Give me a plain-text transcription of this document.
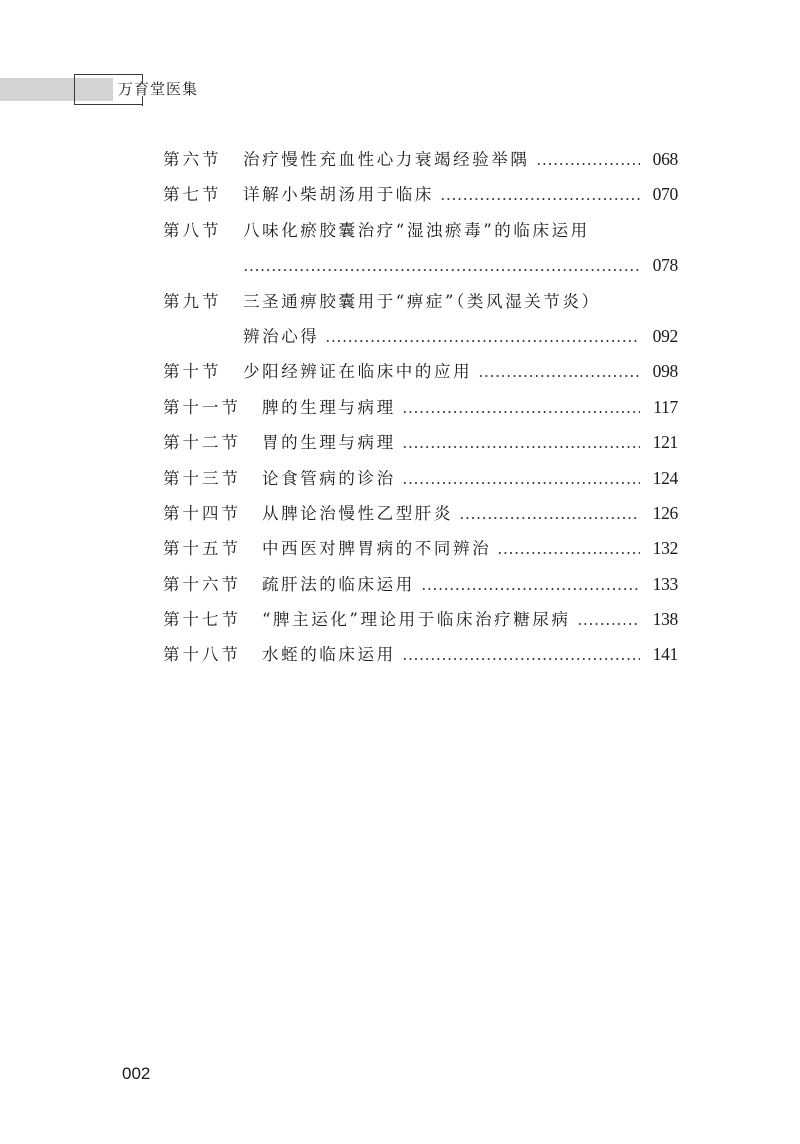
万育堂医集
第六节	治疗慢性充血性心力衰竭经验举隅	068
第七节	详解小柴胡汤用于临床	070
第八节	八味化瘀胶囊治疗“湿浊瘀毒”的临床运用
078
第九节	三圣通痹胶囊用于“痹症”（类风湿关节炎）
辨治心得	092
第十节	少阳经辨证在临床中的应用	098
第十一节	脾的生理与病理	117
第十二节	胃的生理与病理	121
第十三节	论食管病的诊治	124
第十四节	从脾论治慢性乙型肝炎	126
第十五节	中西医对脾胃病的不同辨治	132
第十六节	疏肝法的临床运用	133
第十七节	“脾主运化”理论用于临床治疗糖尿病	138
第十八节	水蛭的临床运用	141
002
